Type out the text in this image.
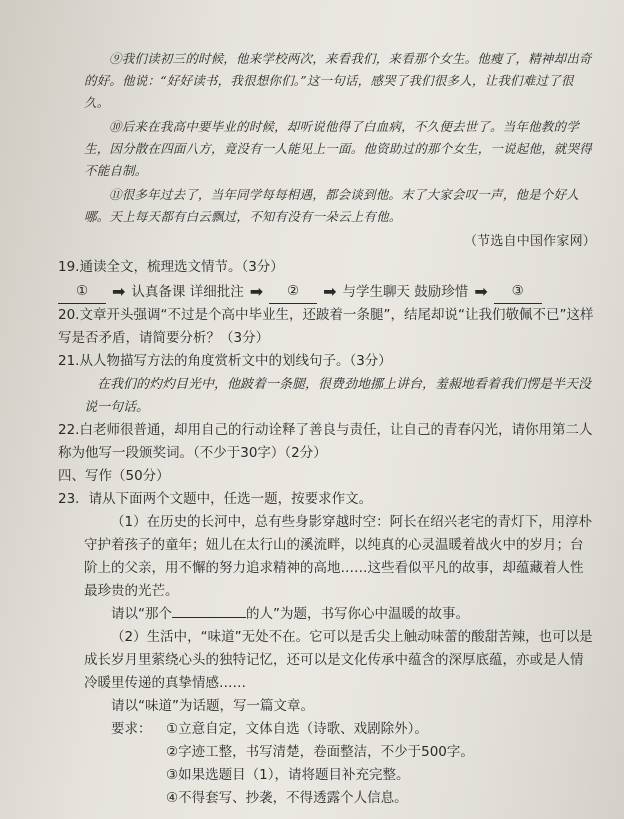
⑨我们读初三的时候，他来学校两次，来看我们，来看那个女生。他瘦了，精神却出奇的好。他说：“好好读书，我很想你们。”这一句话，感哭了我们很多人，让我们难过了很久。

⑩后来在我高中要毕业的时候，却听说他得了白血病，不久便去世了。当年他教的学生，因分散在四面八方，竟没有一人能见上一面。他资助过的那个女生，一说起他，就哭得不能自制。

⑪很多年过去了，当年同学每每相遇，都会谈到他。末了大家会叹一声，他是个好人哪。天上每天都有白云飘过，不知有没有一朵云上有他。

（节选自中国作家网）

19.通读全文，梳理选文情节。（3分）

①	➡ 认真备课 详细批注 ➡	②	➡ 与学生聊天 鼓励珍惜 ➡	③

20.文章开头强调“不过是个高中毕业生，还跛着一条腿”，结尾却说“让我们敬佩不已”这样写是否矛盾，请简要分析？（3分）

21.从人物描写方法的角度赏析文中的划线句子。（3分）

在我们的灼灼目光中，他跛着一条腿，很费劲地挪上讲台，羞赧地看着我们愣是半天没说一句话。

22.白老师很普通，却用自己的行动诠释了善良与责任，让自己的青春闪光，请你用第二人称为他写一段颁奖词。（不少于30字）（2分）

四、写作（50分）

23．请从下面两个文题中，任选一题，按要求作文。

（1）在历史的长河中，总有些身影穿越时空：阿长在绍兴老宅的青灯下，用淳朴守护着孩子的童年；妞儿在太行山的溪流畔，以纯真的心灵温暖着战火中的岁月；台阶上的父亲，用不懈的努力追求精神的高地……这些看似平凡的故事，却蕴藏着人性最珍贵的光芒。

请以“那个	的人”为题，书写你心中温暖的故事。

（2）生活中，“味道”无处不在。它可以是舌尖上触动味蕾的酸甜苦辣，也可以是成长岁月里萦绕心头的独特记忆，还可以是文化传承中蕴含的深厚底蕴，亦或是人情冷暖里传递的真挚情感……

请以“味道”为话题，写一篇文章。

要求：	①立意自定，文体自选（诗歌、戏剧除外）。

②字迹工整，书写清楚，卷面整洁，不少于500字。

③如果选题目（1），请将题目补充完整。

④不得套写、抄袭，不得透露个人信息。
